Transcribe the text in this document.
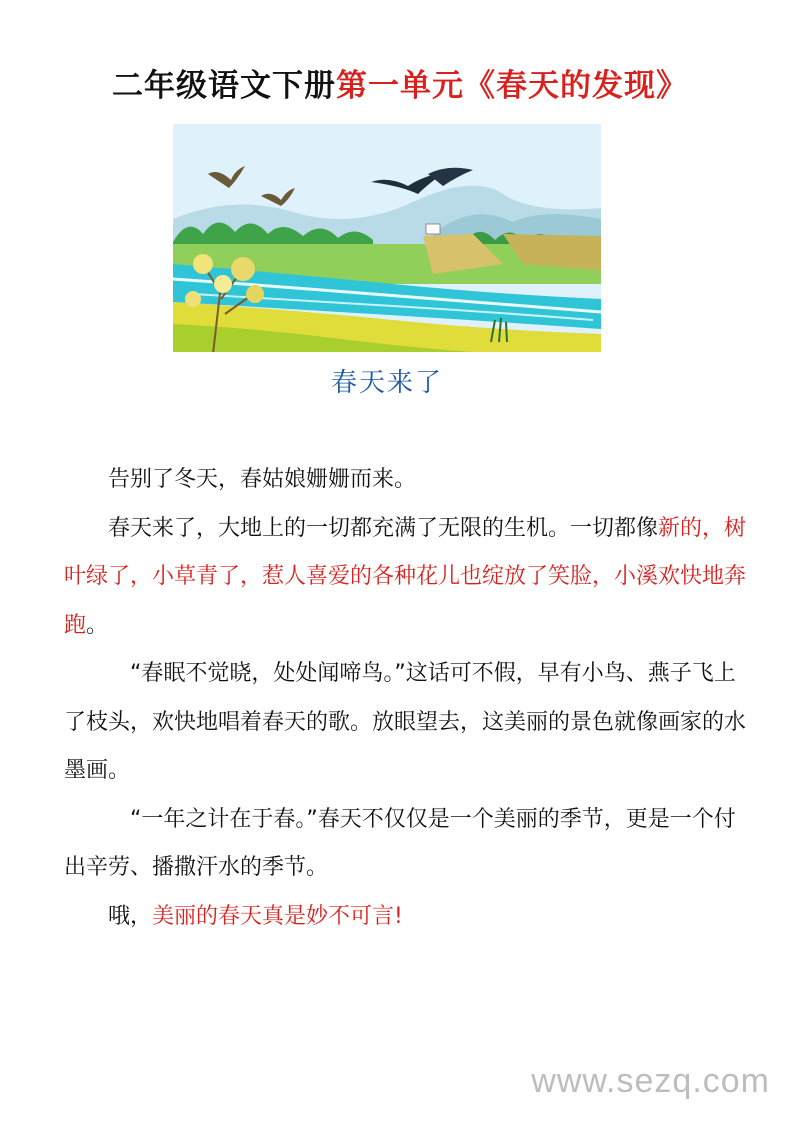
二年级语文下册第一单元《春天的发现》
春天来了

告别了冬天，春姑娘姗姗而来。

春天来了，大地上的一切都充满了无限的生机。一切都像新的，树叶绿了，小草青了，惹人喜爱的各种花儿也绽放了笑脸，小溪欢快地奔跑。

“春眠不觉晓，处处闻啼鸟。”这话可不假，早有小鸟、燕子飞上了枝头，欢快地唱着春天的歌。放眼望去，这美丽的景色就像画家的水墨画。

“一年之计在于春。”春天不仅仅是一个美丽的季节，更是一个付出辛劳、播撒汗水的季节。

哦，美丽的春天真是妙不可言!

www.sezq.com
